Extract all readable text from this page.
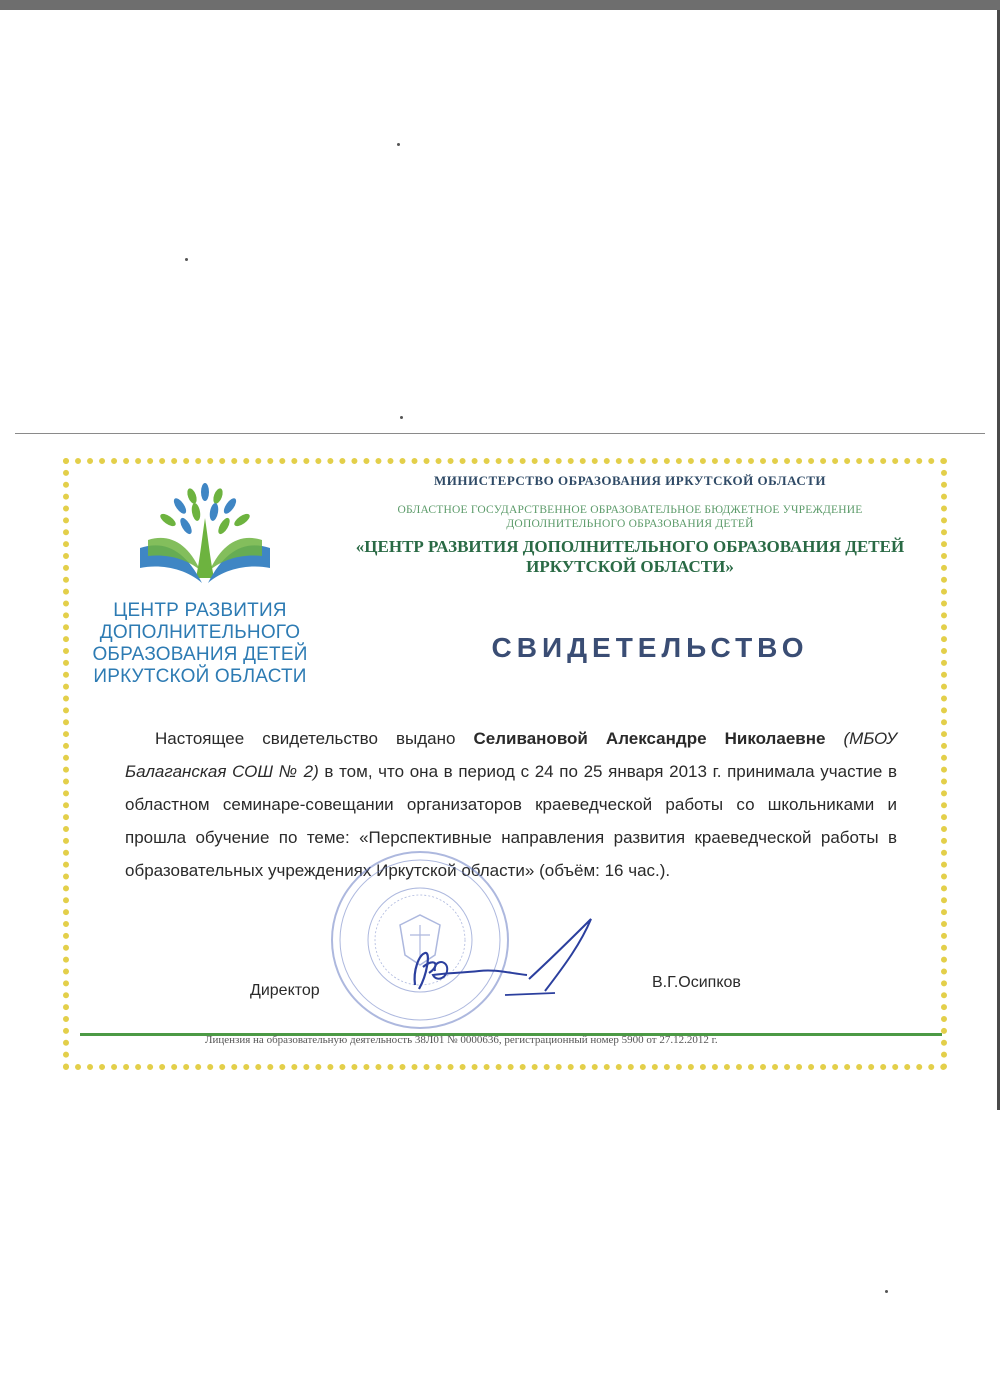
ЦЕНТР РАЗВИТИЯ
ДОПОЛНИТЕЛЬНОГО
ОБРАЗОВАНИЯ ДЕТЕЙ
ИРКУТСКОЙ ОБЛАСТИ
МИНИСТЕРСТВО ОБРАЗОВАНИЯ ИРКУТСКОЙ ОБЛАСТИ
ОБЛАСТНОЕ ГОСУДАРСТВЕННОЕ ОБРАЗОВАТЕЛЬНОЕ БЮДЖЕТНОЕ УЧРЕЖДЕНИЕ
ДОПОЛНИТЕЛЬНОГО ОБРАЗОВАНИЯ ДЕТЕЙ
«ЦЕНТР РАЗВИТИЯ ДОПОЛНИТЕЛЬНОГО ОБРАЗОВАНИЯ ДЕТЕЙ
ИРКУТСКОЙ ОБЛАСТИ»
СВИДЕТЕЛЬСТВО
Настоящее свидетельство выдано Селивановой Александре Николаевне (МБОУ Балаганская СОШ № 2) в том, что она в период с 24 по 25 января 2013 г. принимала участие в областном семинаре-совещании организаторов краеведческой работы со школьниками и прошла обучение по теме: «Перспективные направления развития краеведческой работы в образовательных учреждениях Иркутской области» (объём: 16 час.).
Директор	В.Г.Осипков
Лицензия на образовательную деятельность 38Л01 № 0000636, регистрационный номер 5900 от 27.12.2012 г.
